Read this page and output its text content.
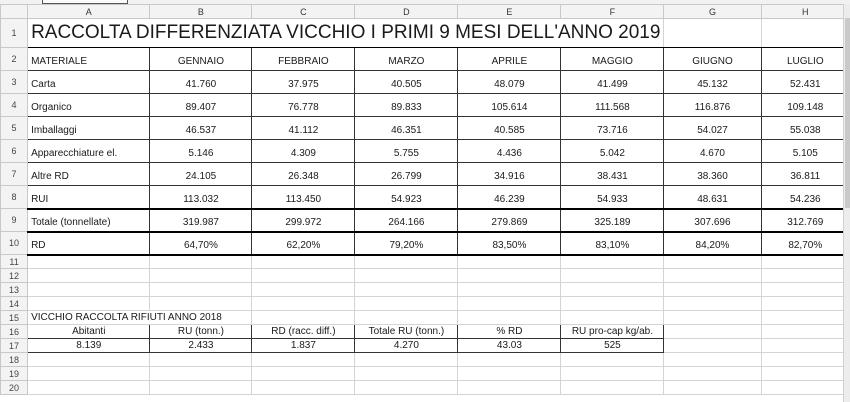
	A	B	C	D	E	F	G	H
1	RACCOLTA DIFFERENZIATA VICCHIO I PRIMI 9 MESI DELL'ANNO 2019							
2	MATERIALE	GENNAIO	FEBBRAIO	MARZO	APRILE	MAGGIO	GIUGNO	LUGLIO
3	Carta	41.760	37.975	40.505	48.079	41.499	45.132	52.431
4	Organico	89.407	76.778	89.833	105.614	111.568	116.876	109.148
5	Imballaggi	46.537	41.112	46.351	40.585	73.716	54.027	55.038
6	Apparecchiature el.	5.146	4.309	5.755	4.436	5.042	4.670	5.105
7	Altre RD	24.105	26.348	26.799	34.916	38.431	38.360	36.811
8	RUI	113.032	113.450	54.923	46.239	54.933	48.631	54.236
9	Totale (tonnellate)	319.987	299.972	264.166	279.869	325.189	307.696	312.769
10	RD	64,70%	62,20%	79,20%	83,50%	83,10%	84,20%	82,70%
11								
12								
13								
14								
15	VICCHIO RACCOLTA RIFIUTI ANNO 2018							
16	Abitanti	RU (tonn.)	RD (racc. diff.)	Totale RU (tonn.)	% RD	RU pro-cap kg/ab.		
17	8.139	2.433	1.837	4.270	43.03	525		
18								
19								
20								
